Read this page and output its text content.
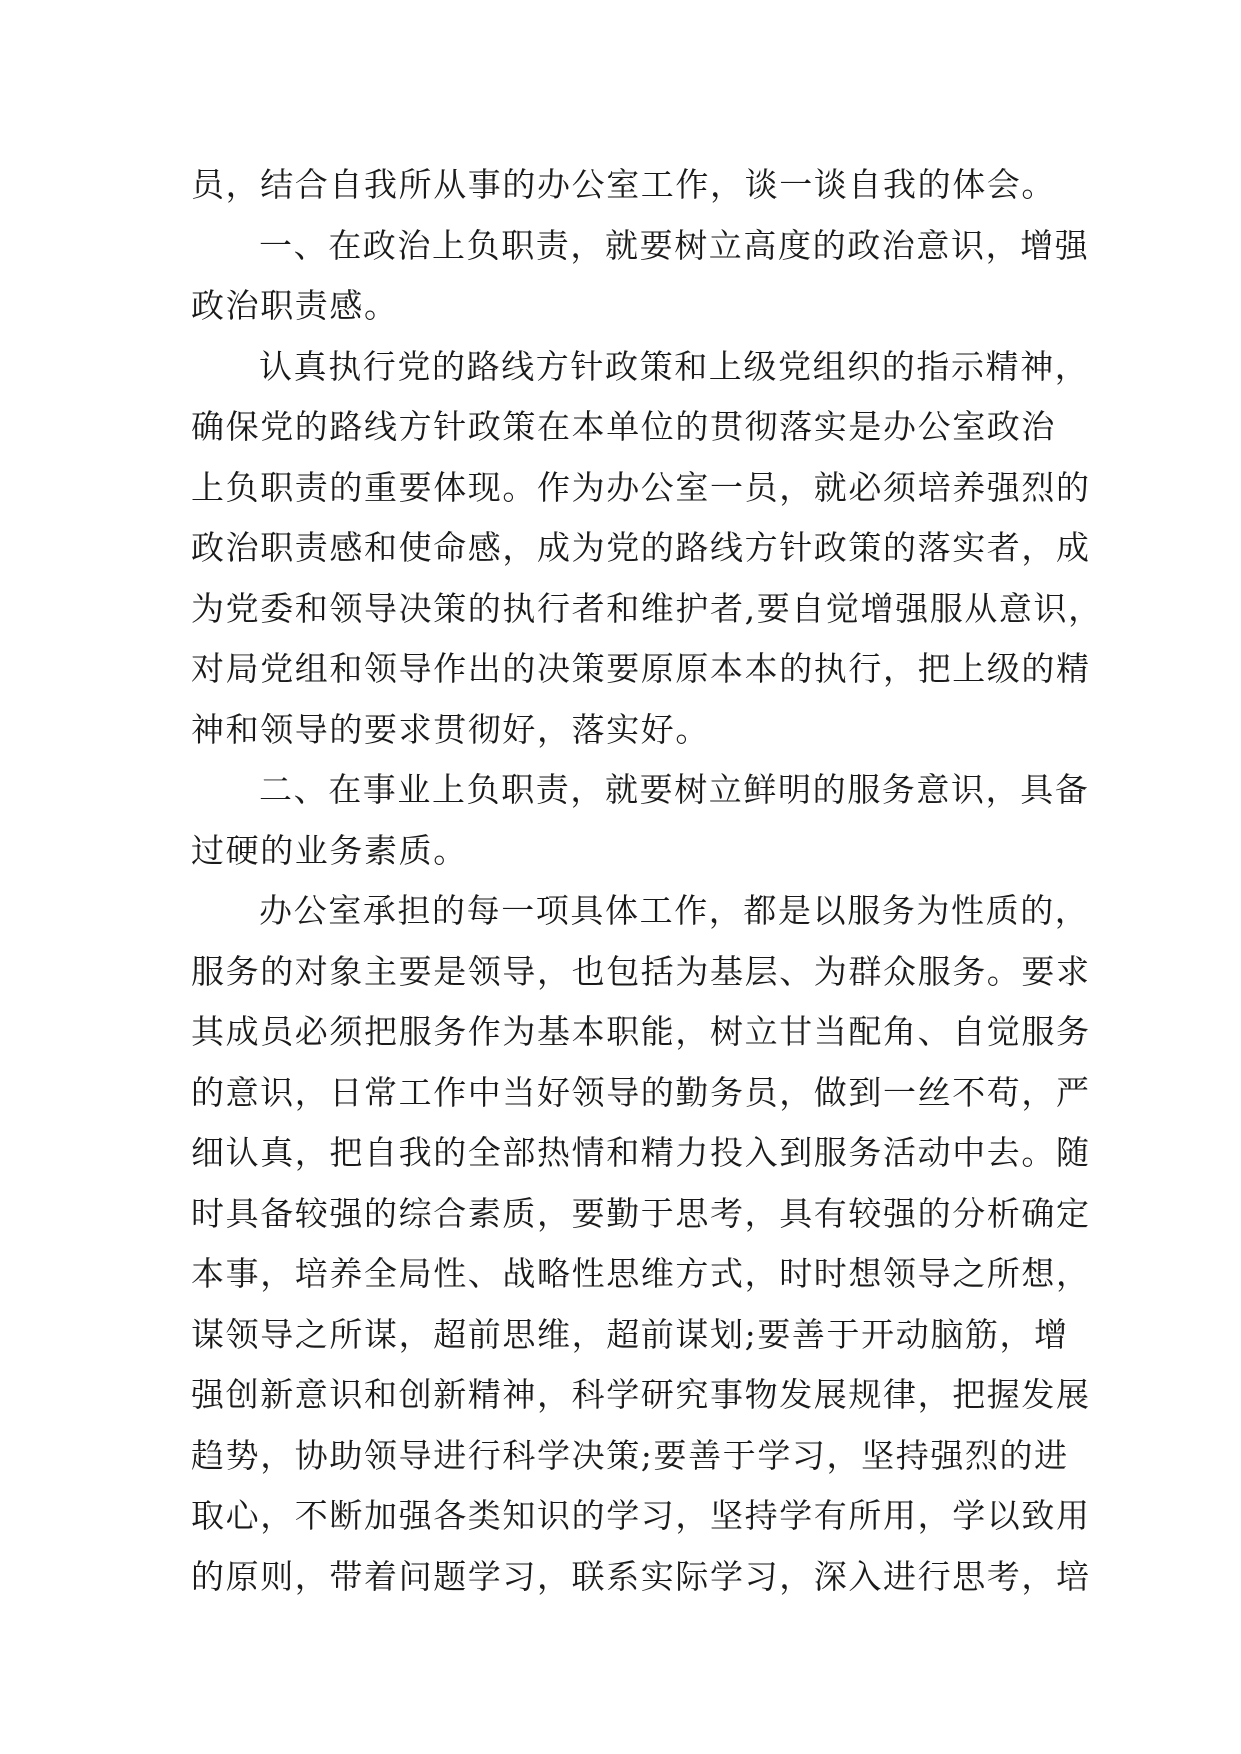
员，结合自我所从事的办公室工作，谈一谈自我的体会。
一、在政治上负职责，就要树立高度的政治意识，增强
政治职责感。
认真执行党的路线方针政策和上级党组织的指示精神，
确保党的路线方针政策在本单位的贯彻落实是办公室政治
上负职责的重要体现。作为办公室一员，就必须培养强烈的
政治职责感和使命感，成为党的路线方针政策的落实者，成
为党委和领导决策的执行者和维护者,要自觉增强服从意识，
对局党组和领导作出的决策要原原本本的执行，把上级的精
神和领导的要求贯彻好，落实好。
二、在事业上负职责，就要树立鲜明的服务意识，具备
过硬的业务素质。
办公室承担的每一项具体工作，都是以服务为性质的，
服务的对象主要是领导，也包括为基层、为群众服务。要求
其成员必须把服务作为基本职能，树立甘当配角、自觉服务
的意识，日常工作中当好领导的勤务员，做到一丝不苟，严
细认真，把自我的全部热情和精力投入到服务活动中去。随
时具备较强的综合素质，要勤于思考，具有较强的分析确定
本事，培养全局性、战略性思维方式，时时想领导之所想，
谋领导之所谋，超前思维，超前谋划;要善于开动脑筋，增
强创新意识和创新精神，科学研究事物发展规律，把握发展
趋势，协助领导进行科学决策;要善于学习，坚持强烈的进
取心，不断加强各类知识的学习，坚持学有所用，学以致用
的原则，带着问题学习，联系实际学习，深入进行思考，培
